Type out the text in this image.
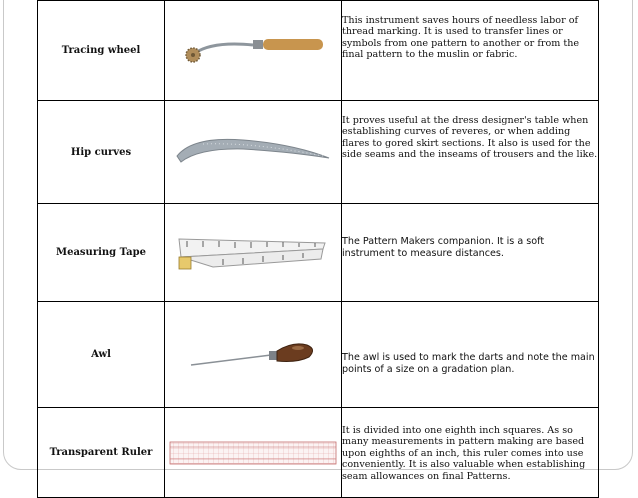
Tracing wheel		This instrument saves hours of needless labor of thread marking. It is used to transfer lines or symbols from one pattern to another or from the final pattern to the muslin or fabric.
Hip curves		It proves useful at the dress designer's table when establishing curves of reveres, or when adding flares to gored skirt sections. It also is used for the side seams and the inseams of trousers and the like.
Measuring Tape		The Pattern Makers companion. It is a soft instrument to measure distances.
Awl		The awl is used to mark the darts and note the main points of a size on a gradation plan.
Transparent Ruler		It is divided into one eighth inch squares. As so many measurements in pattern making are based upon eighths of an inch, this ruler comes into use conveniently. It is also valuable when establishing seam allowances on final Patterns.
